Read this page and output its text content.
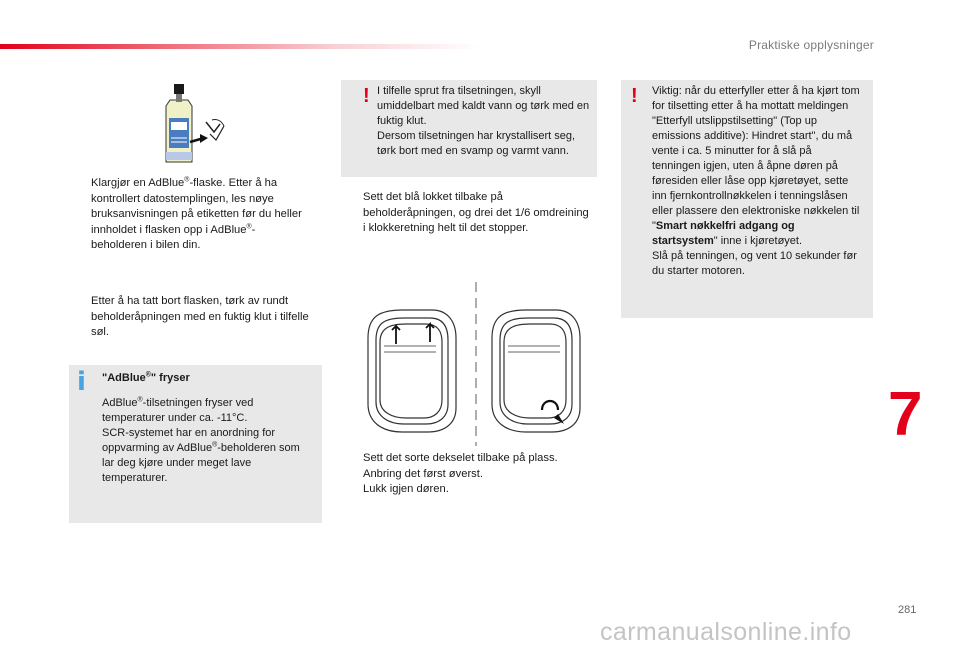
Praktiske opplysninger
Klargjør en AdBlue®-flaske. Etter å ha kontrollert datostemplingen, les nøye bruksanvisningen på etiketten før du heller innholdet i flasken opp i AdBlue®-beholderen i bilen din.
Etter å ha tatt bort flasken, tørk av rundt beholderåpningen med en fuktig klut i tilfelle søl.
i "AdBlue®" fryser
AdBlue®-tilsetningen fryser ved temperaturer under ca. -11°C.
SCR-systemet har en anordning for oppvarming av AdBlue®-beholderen som lar deg kjøre under meget lave temperaturer.
! I tilfelle sprut fra tilsetningen, skyll umiddelbart med kaldt vann og tørk med en fuktig klut.
Dersom tilsetningen har krystallisert seg, tørk bort med en svamp og varmt vann.
Sett det blå lokket tilbake på beholderåpningen, og drei det 1/6 omdreining i klokkeretning helt til det stopper.
Sett det sorte dekselet tilbake på plass. Anbring det først øverst.
Lukk igjen døren.
! Viktig: når du etterfyller etter å ha kjørt tom for tilsetting etter å ha mottatt meldingen "Etterfyll utslippstilsetting" (Top up emissions additive): Hindret start", du må vente i ca. 5 minutter for å slå på tenningen igjen, uten å åpne døren på føresiden eller låse opp kjøretøyet, sette inn fjernkontrollnøkkelen i tenningslåsen eller plassere den elektroniske nøkkelen til "Smart nøkkelfri adgang og startsystem" inne i kjøretøyet.
Slå på tenningen, og vent 10 sekunder før du starter motoren.
7
281
carmanualsonline.info
